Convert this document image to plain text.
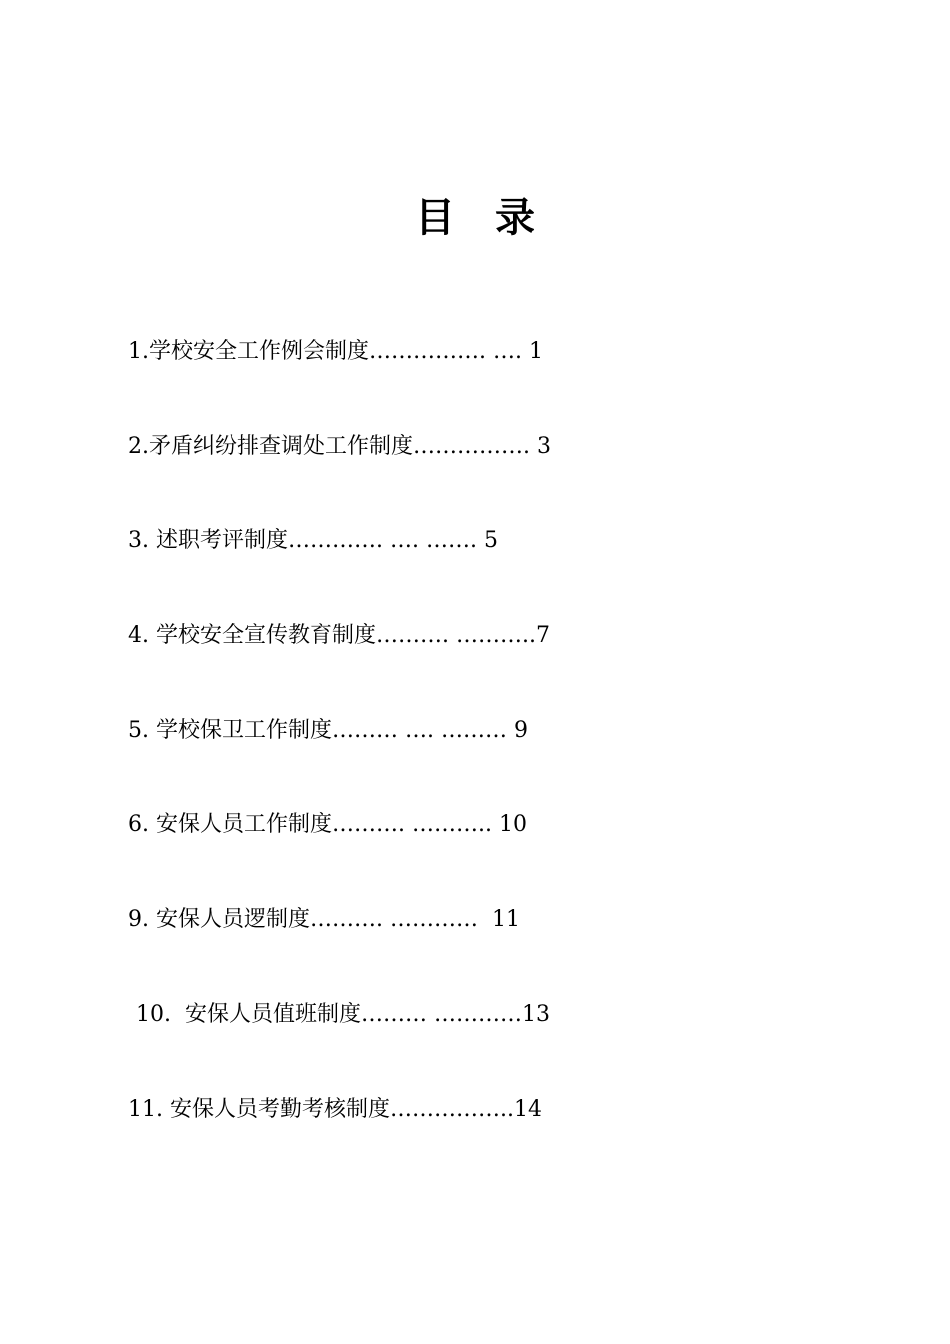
目　录
1.学校安全工作例会制度……………. …. 1
2.矛盾纠纷排查调处工作制度……………. 3
3. 述职考评制度…………. …. ……. 5
4. 学校安全宣传教育制度………. ………..7
5. 学校保卫工作制度……… …. ……… 9
6. 安保人员工作制度………. ……….. 10
9. 安保人员逻制度………. …………  11
10.  安保人员值班制度……… …………13
11. 安保人员考勤考核制度……………..14
